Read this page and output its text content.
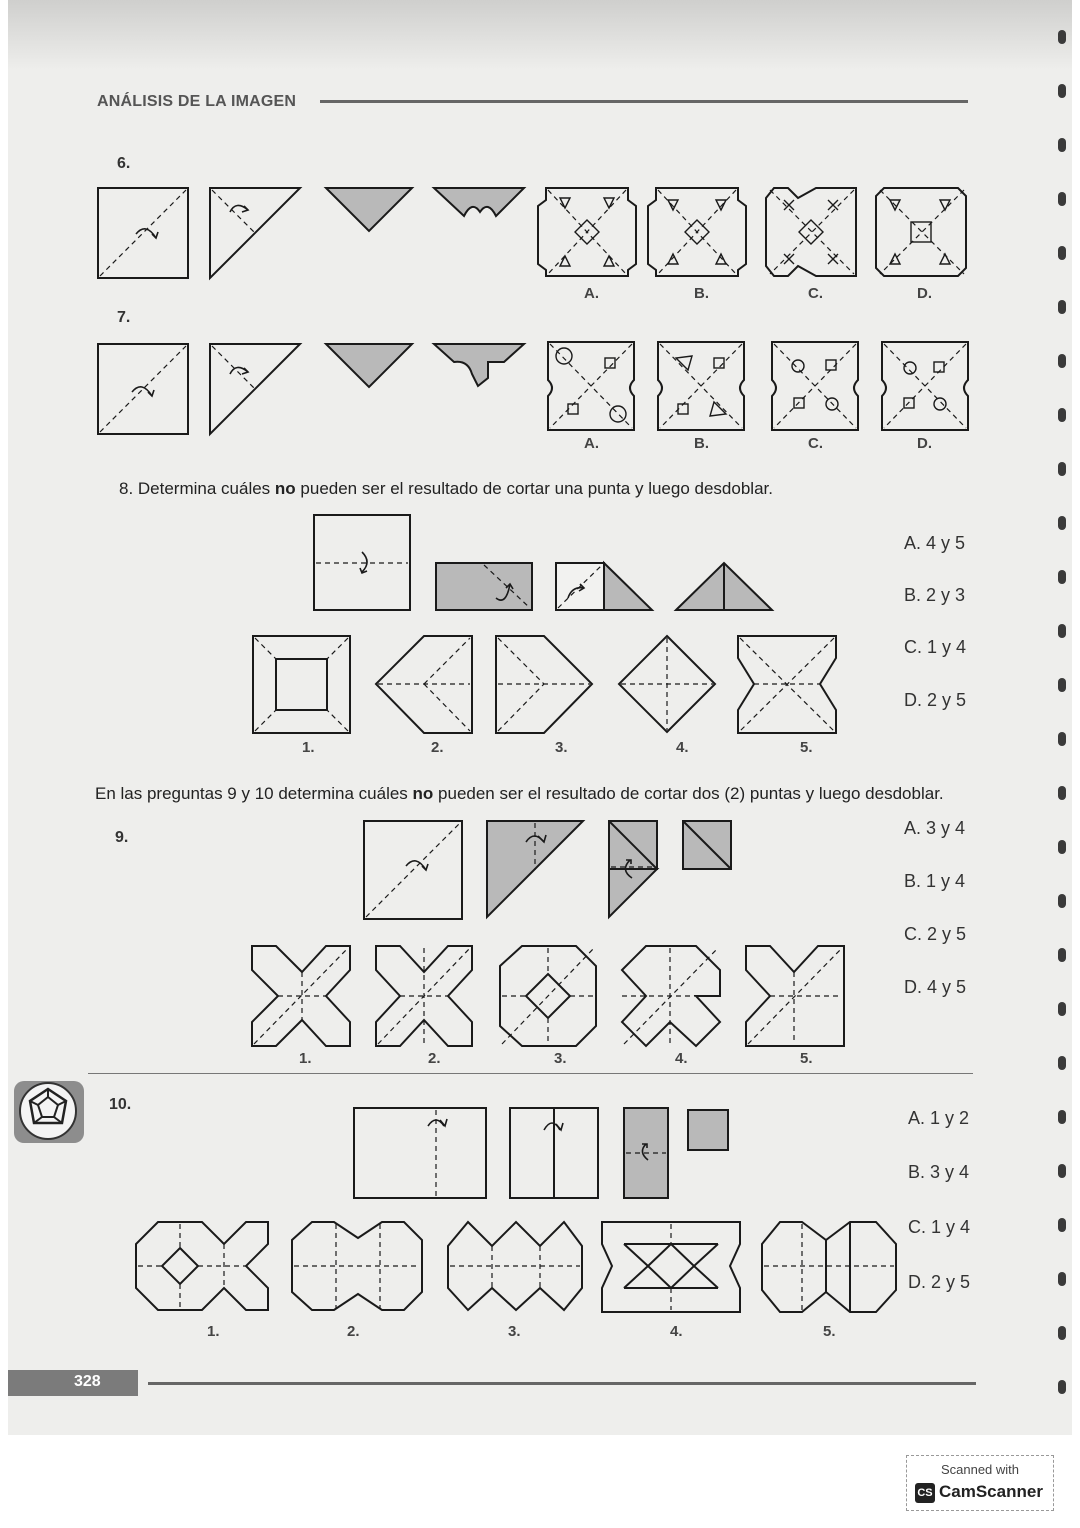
ANÁLISIS DE LA IMAGEN
6.
7.
A.	B.	C.	D.
A.	B.	C.	D.
8. Determina cuáles no pueden ser el resultado de cortar una punta y luego desdoblar.
A. 4 y 5
B. 2 y 3
C. 1 y 4
D. 2 y 5
1.	2.	3.	4.	5.
En las preguntas 9 y 10 determina cuáles no pueden ser el resultado de cortar dos (2) puntas y luego desdoblar.
9.	A. 3 y 4
B. 1 y 4
C. 2 y 5
D. 4 y 5
1.	2.	3.	4.	5.
10.
A. 1 y 2
B. 3 y 4
C. 1 y 4
D. 2 y 5
1.	2.	3.	4.	5.
328
Scanned with
CS CamScanner
